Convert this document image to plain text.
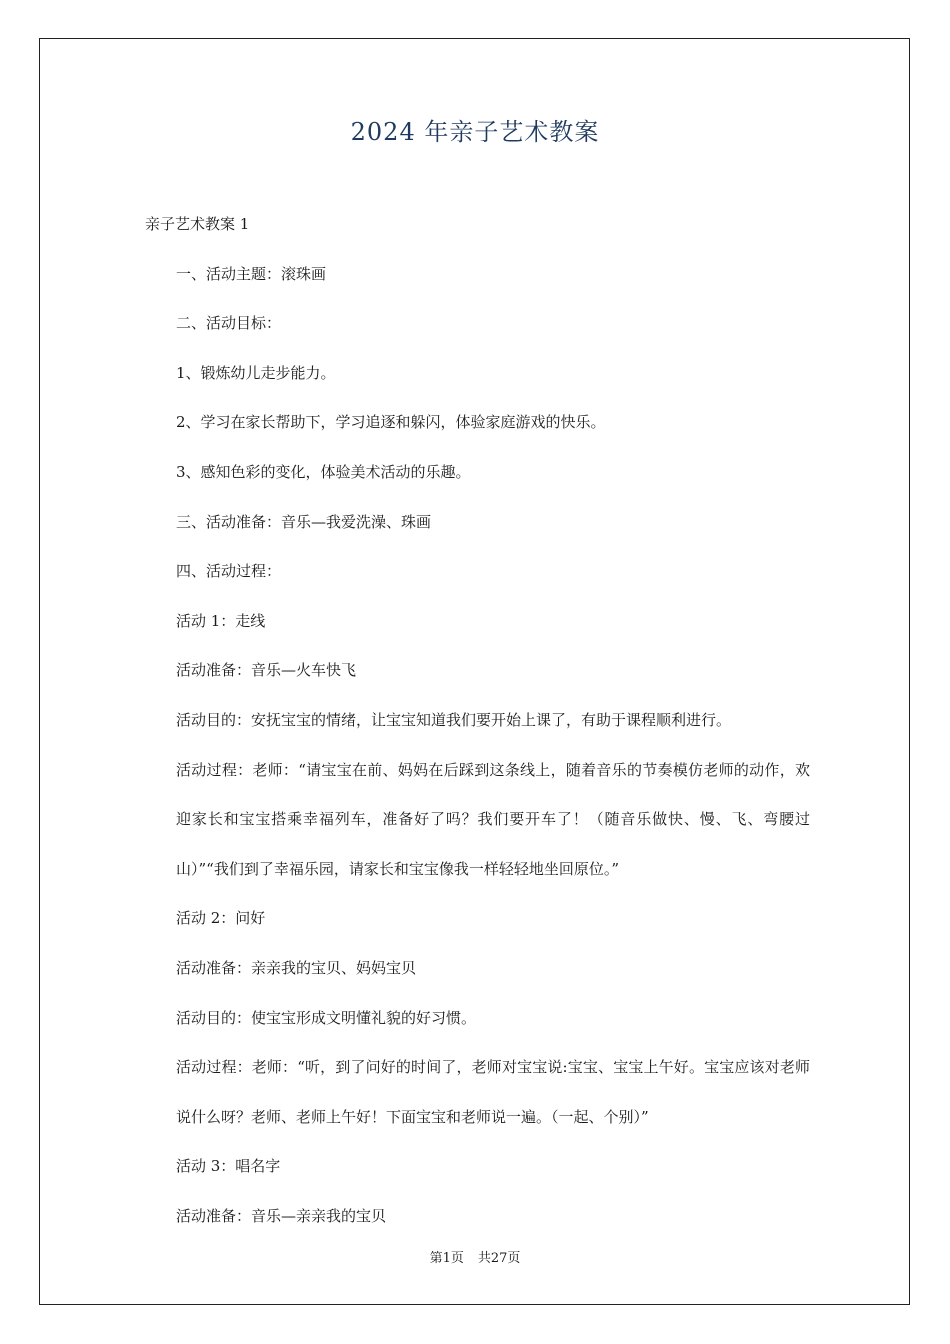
2024 年亲子艺术教案

亲子艺术教案 1

一、活动主题：滚珠画

二、活动目标：

1、锻炼幼儿走步能力。

2、学习在家长帮助下，学习追逐和躲闪，体验家庭游戏的快乐。

3、感知色彩的变化，体验美术活动的乐趣。

三、活动准备：音乐—我爱洗澡、珠画

四、活动过程：

活动 1：走线

活动准备：音乐—火车快飞

活动目的：安抚宝宝的情绪，让宝宝知道我们要开始上课了，有助于课程顺利进行。

活动过程：老师：“请宝宝在前、妈妈在后踩到这条线上，随着音乐的节奏模仿老师的动作，欢迎家长和宝宝搭乘幸福列车，准备好了吗？我们要开车了！（随音乐做快、慢、飞、弯腰过山）”“我们到了幸福乐园，请家长和宝宝像我一样轻轻地坐回原位。”

活动 2：问好

活动准备：亲亲我的宝贝、妈妈宝贝

活动目的：使宝宝形成文明懂礼貌的好习惯。

活动过程：老师：“听，到了问好的时间了，老师对宝宝说:宝宝、宝宝上午好。宝宝应该对老师说什么呀？老师、老师上午好！下面宝宝和老师说一遍。（一起、个别）”

活动 3：唱名字

活动准备：音乐—亲亲我的宝贝

第1页 共27页
